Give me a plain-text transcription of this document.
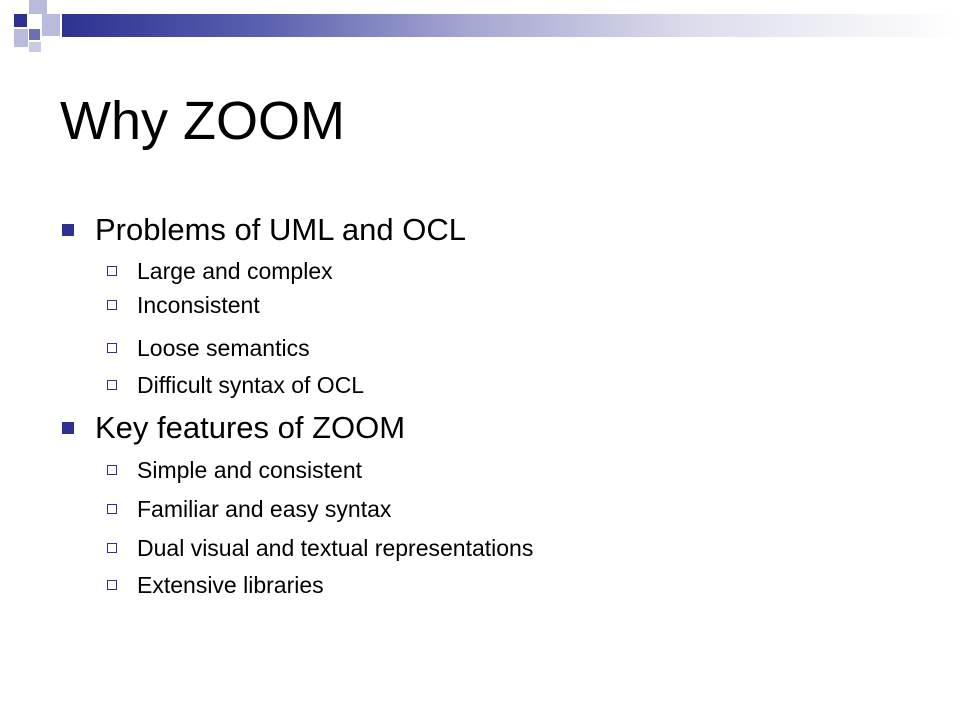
Why ZOOM
Problems of UML and OCL
Large and complex
Inconsistent
Loose semantics
Difficult syntax of OCL
Key features of ZOOM
Simple and consistent
Familiar and easy syntax
Dual visual and textual representations
Extensive libraries
